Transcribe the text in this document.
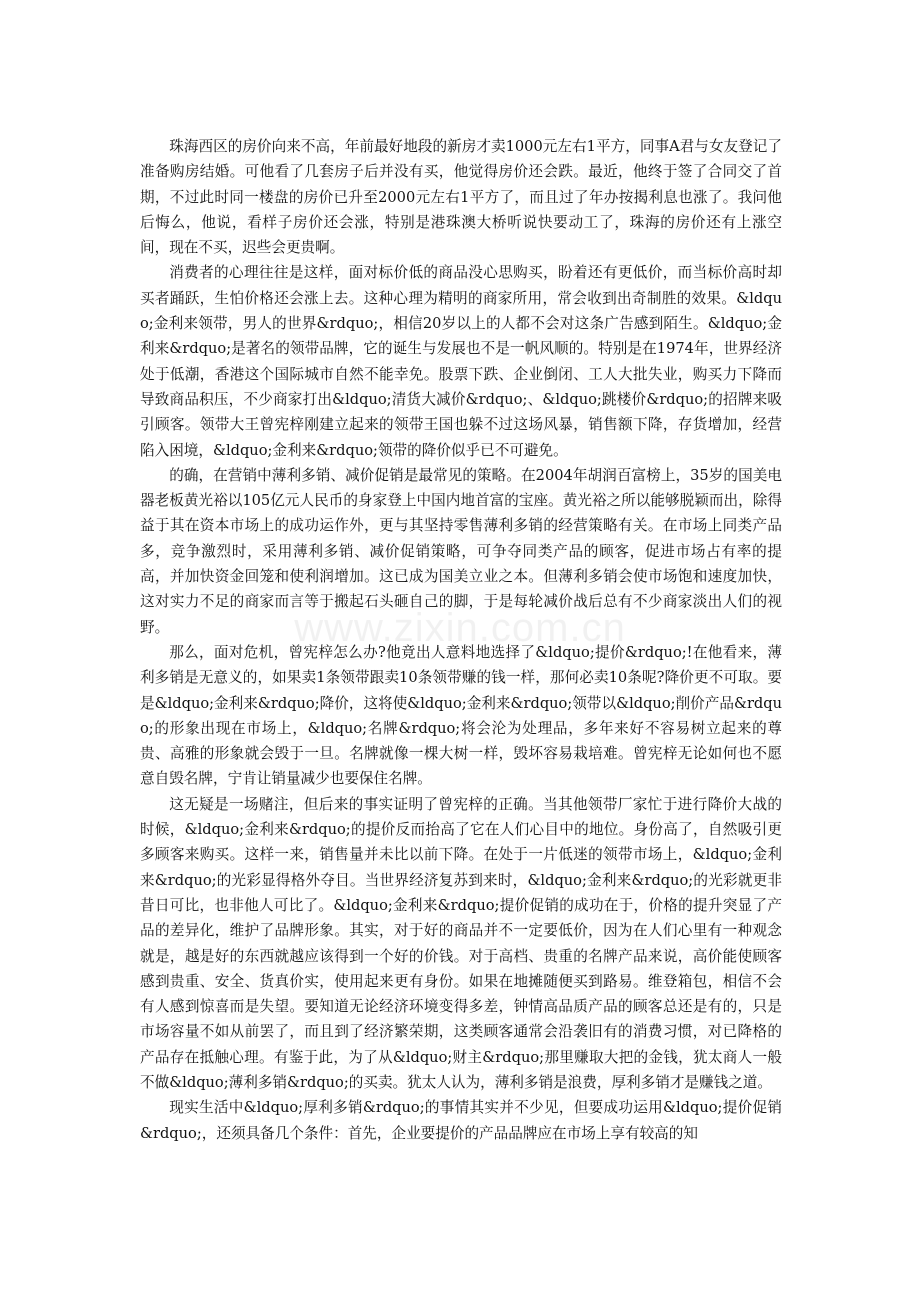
www.zixin.com.cn

珠海西区的房价向来不高，年前最好地段的新房才卖1000元左右1平方，同事A君与女友登记了准备购房结婚。可他看了几套房子后并没有买，他觉得房价还会跌。最近，他终于签了合同交了首期，不过此时同一楼盘的房价已升至2000元左右1平方了，而且过了年办按揭利息也涨了。我问他后悔么，他说，看样子房价还会涨，特别是港珠澳大桥听说快要动工了，珠海的房价还有上涨空间，现在不买，迟些会更贵啊。

消费者的心理往往是这样，面对标价低的商品没心思购买，盼着还有更低价，而当标价高时却买者踊跃，生怕价格还会涨上去。这种心理为精明的商家所用，常会收到出奇制胜的效果。&ldquo;金利来领带，男人的世界&rdquo;，相信20岁以上的人都不会对这条广告感到陌生。&ldquo;金利来&rdquo;是著名的领带品牌，它的诞生与发展也不是一帆风顺的。特别是在1974年，世界经济处于低潮，香港这个国际城市自然不能幸免。股票下跌、企业倒闭、工人大批失业，购买力下降而导致商品积压，不少商家打出&ldquo;清货大减价&rdquo;、&ldquo;跳楼价&rdquo;的招牌来吸引顾客。领带大王曾宪梓刚建立起来的领带王国也躲不过这场风暴，销售额下降，存货增加，经营陷入困境，&ldquo;金利来&rdquo;领带的降价似乎已不可避免。

的确，在营销中薄利多销、减价促销是最常见的策略。在2004年胡润百富榜上，35岁的国美电器老板黄光裕以105亿元人民币的身家登上中国内地首富的宝座。黄光裕之所以能够脱颖而出，除得益于其在资本市场上的成功运作外，更与其坚持零售薄利多销的经营策略有关。在市场上同类产品多，竞争激烈时，采用薄利多销、减价促销策略，可争夺同类产品的顾客，促进市场占有率的提高，并加快资金回笼和使利润增加。这已成为国美立业之本。但薄利多销会使市场饱和速度加快，这对实力不足的商家而言等于搬起石头砸自己的脚，于是每轮减价战后总有不少商家淡出人们的视野。

那么，面对危机，曾宪梓怎么办?他竟出人意料地选择了&ldquo;提价&rdquo;!在他看来，薄利多销是无意义的，如果卖1条领带跟卖10条领带赚的钱一样，那何必卖10条呢?降价更不可取。要是&ldquo;金利来&rdquo;降价，这将使&ldquo;金利来&rdquo;领带以&ldquo;削价产品&rdquo;的形象出现在市场上，&ldquo;名牌&rdquo;将会沦为处理品，多年来好不容易树立起来的尊贵、高雅的形象就会毁于一旦。名牌就像一棵大树一样，毁坏容易栽培难。曾宪梓无论如何也不愿意自毁名牌，宁肯让销量减少也要保住名牌。

这无疑是一场赌注，但后来的事实证明了曾宪梓的正确。当其他领带厂家忙于进行降价大战的时候，&ldquo;金利来&rdquo;的提价反而抬高了它在人们心目中的地位。身份高了，自然吸引更多顾客来购买。这样一来，销售量并未比以前下降。在处于一片低迷的领带市场上，&ldquo;金利来&rdquo;的光彩显得格外夺目。当世界经济复苏到来时，&ldquo;金利来&rdquo;的光彩就更非昔日可比，也非他人可比了。&ldquo;金利来&rdquo;提价促销的成功在于，价格的提升突显了产品的差异化，维护了品牌形象。其实，对于好的商品并不一定要低价，因为在人们心里有一种观念就是，越是好的东西就越应该得到一个好的价钱。对于高档、贵重的名牌产品来说，高价能使顾客感到贵重、安全、货真价实，使用起来更有身份。如果在地摊随便买到路易。维登箱包，相信不会有人感到惊喜而是失望。要知道无论经济环境变得多差，钟情高品质产品的顾客总还是有的，只是市场容量不如从前罢了，而且到了经济繁荣期，这类顾客通常会沿袭旧有的消费习惯，对已降格的产品存在抵触心理。有鉴于此，为了从&ldquo;财主&rdquo;那里赚取大把的金钱，犹太商人一般不做&ldquo;薄利多销&rdquo;的买卖。犹太人认为，薄利多销是浪费，厚利多销才是赚钱之道。

现实生活中&ldquo;厚利多销&rdquo;的事情其实并不少见，但要成功运用&ldquo;提价促销&rdquo;，还须具备几个条件：首先，企业要提价的产品品牌应在市场上享有较高的知
